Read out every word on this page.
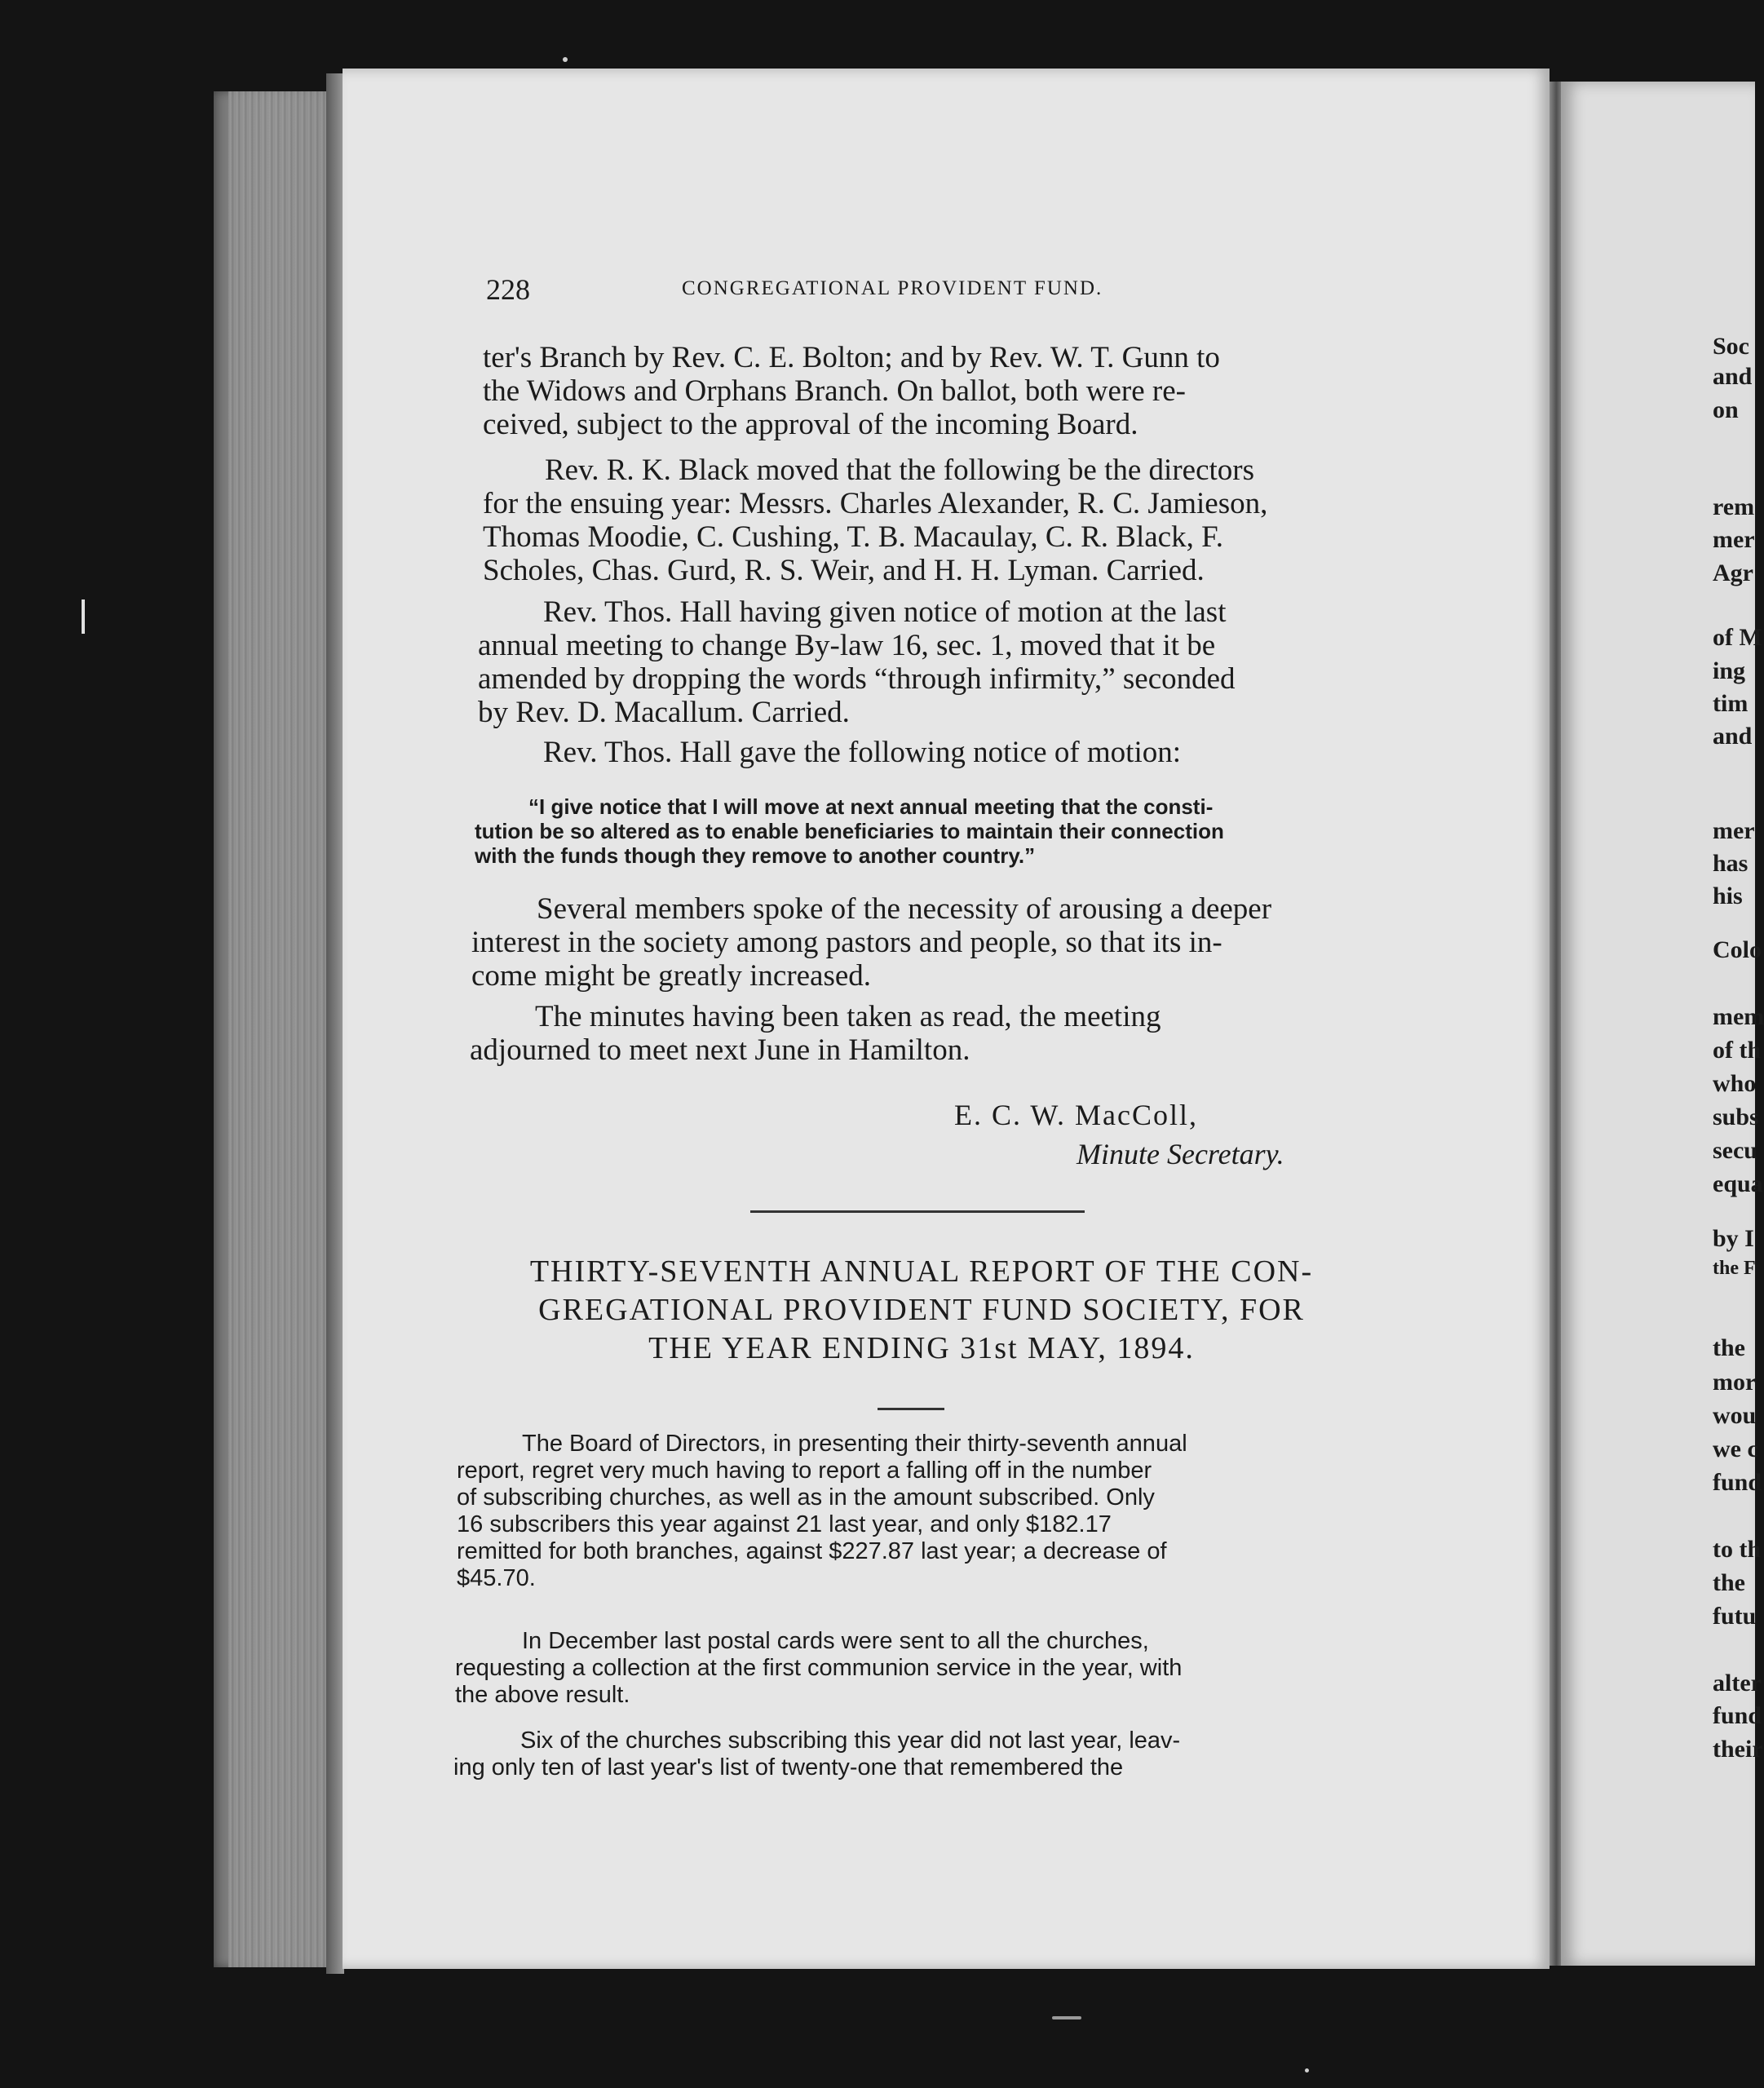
228	CONGREGATIONAL PROVIDENT FUND.

ter's Branch by Rev. C. E. Bolton; and by Rev. W. T. Gunn to
the Widows and Orphans Branch. On ballot, both were re-
ceived, subject to the approval of the incoming Board.

Rev. R. K. Black moved that the following be the directors
for the ensuing year: Messrs. Charles Alexander, R. C. Jamieson,
Thomas Moodie, C. Cushing, T. B. Macaulay, C. R. Black, F.
Scholes, Chas. Gurd, R. S. Weir, and H. H. Lyman. Carried.

Rev. Thos. Hall having given notice of motion at the last
annual meeting to change By-law 16, sec. 1, moved that it be
amended by dropping the words “through infirmity,” seconded
by Rev. D. Macallum. Carried.

Rev. Thos. Hall gave the following notice of motion:

“I give notice that I will move at next annual meeting that the consti-
tution be so altered as to enable beneficiaries to maintain their connection
with the funds though they remove to another country.”

Several members spoke of the necessity of arousing a deeper
interest in the society among pastors and people, so that its in-
come might be greatly increased.

The minutes having been taken as read, the meeting
adjourned to meet next June in Hamilton.

E. C. W. MacColl,
Minute Secretary.
THIRTY-SEVENTH ANNUAL REPORT OF THE CON-
GREGATIONAL PROVIDENT FUND SOCIETY, FOR
THE YEAR ENDING 31st MAY, 1894.

The Board of Directors, in presenting their thirty-seventh annual
report, regret very much having to report a falling off in the number
of subscribing churches, as well as in the amount subscribed. Only
16 subscribers this year against 21 last year, and only $182.17
remitted for both branches, against $227.87 last year; a decrease of
$45.70.

In December last postal cards were sent to all the churches,
requesting a collection at the first communion service in the year, with
the above result.

Six of the churches subscribing this year did not last year, leav-
ing only ten of last year's list of twenty-one that remembered the

Soc
and
on
rem
mer
Agr
of M
ing
tim
and
mer
has
his
Colo
mem
of th
who
subs
secu
equa
by I
the F
the
mor
wou
we c
fund
to th
the
futu
alter
fund
their
